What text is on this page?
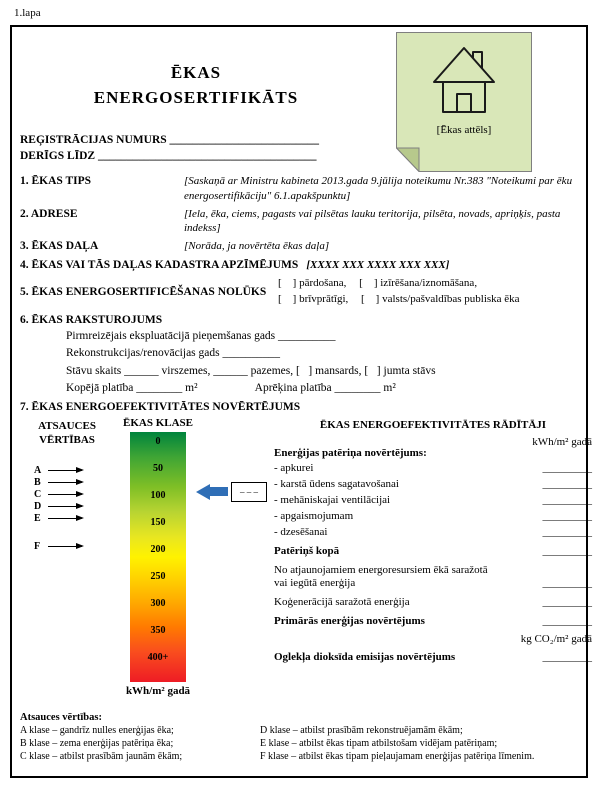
1.lapa
[Ēkas attēls]
ĒKAS
ENERGOSERTIFIKĀTS
REĢISTRĀCIJAS NUMURS __________________________
DERĪGS LĪDZ ______________________________________
1. ĒKAS TIPS	[Saskaņā ar Ministru kabineta 2013.gada 9.jūlija noteikumu Nr.383 "Noteikumi par ēku energosertifikāciju" 6.1.apakšpunktu]
2. ADRESE	[Iela, ēka, ciems, pagasts vai pilsētas lauku teritorija, pilsēta, novads, apriņķis, pasta indekss]
3. ĒKAS DAĻA	[Norāda, ja novērtēta ēkas daļa]
4. ĒKAS VAI TĀS DAĻAS KADASTRA APZĪMĒJUMS [XXXX XXX XXXX XXX XXX]
5. ĒKAS ENERGOSERTIFICĒŠANAS NOLŪKS
[    ] pārdošana, [    ] izīrēšana/iznomāšana,
[    ] brīvprātīgi, [    ] valsts/pašvaldības publiska ēka
6. ĒKAS RAKSTUROJUMS
Pirmreizējais ekspluatācijā pieņemšanas gads __________
Rekonstrukcijas/renovācijas gads __________
Stāvu skaits ______ virszemes, ______ pazemes, [   ] mansards, [   ] jumta stāvs
Kopējā platība ________ m²	Aprēķina platība ________ m²
7. ĒKAS ENERGOEFEKTIVITĀTES NOVĒRTĒJUMS
ATSAUCES
VĒRTĪBAS
A
B
C
D
E
F
ĒKAS KLASE
0
50
100
150
200
250
300
350
400+
kWh/m² gadā
– – –
ĒKAS ENERGOEFEKTIVITĀTES RĀDĪTĀJI
kWh/m² gadā
Enerģijas patēriņa novērtējums:
- apkurei	_________
- karstā ūdens sagatavošanai	_________
- mehāniskajai ventilācijai	_________
- apgaismojumam	_________
- dzesēšanai	_________
Patēriņš kopā	_________
No atjaunojamiem energoresursiem ēkā saražotā vai iegūtā enerģija	_________
Koģenerācijā saražotā enerģija	_________
Primārās enerģijas novērtējums	_________
kg CO₂/m² gadā
Oglekļa dioksīda emisijas novērtējums	_________
Atsauces vērtības:
A klase – gandrīz nulles enerģijas ēka;
B klase – zema enerģijas patēriņa ēka;
C klase – atbilst prasībām jaunām ēkām;
D klase – atbilst prasībām rekonstruējamām ēkām;
E klase – atbilst ēkas tipam atbilstošam vidējam patēriņam;
F klase – atbilst ēkas tipam pieļaujamam enerģijas patēriņa līmenim.
